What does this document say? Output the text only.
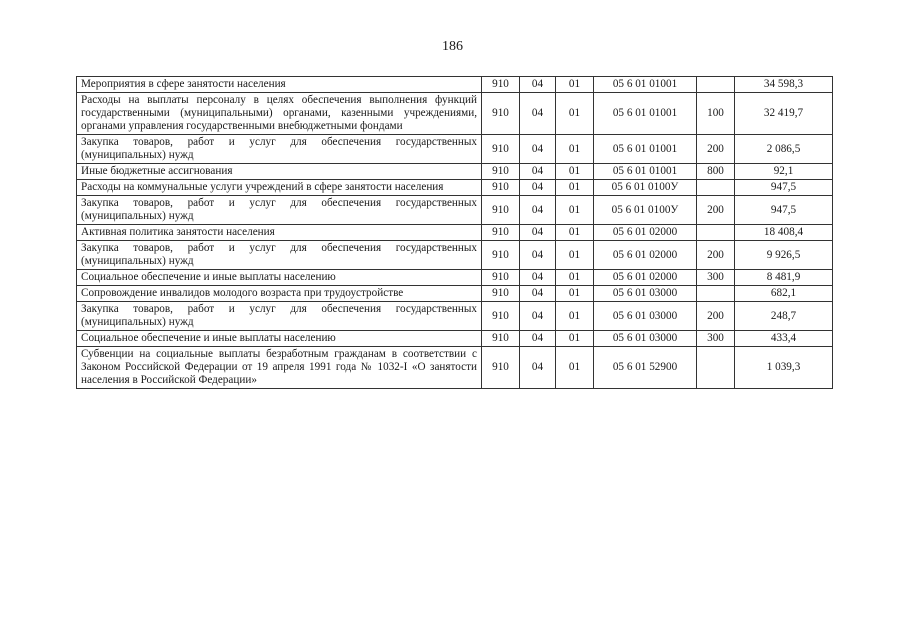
186
Мероприятия в сфере занятости населения	910	04	01	05 6 01 01001		34 598,3
Расходы на выплаты персоналу в целях обеспечения выполнения функций государственными (муниципальными) органами, казенными учреждениями, органами управления государственными внебюджетными фондами	910	04	01	05 6 01 01001	100	32 419,7
Закупка товаров, работ и услуг для обеспечения государственных (муниципальных) нужд	910	04	01	05 6 01 01001	200	2 086,5
Иные бюджетные ассигнования	910	04	01	05 6 01 01001	800	92,1
Расходы на коммунальные услуги учреждений в сфере занятости населения	910	04	01	05 6 01 0100У		947,5
Закупка товаров, работ и услуг для обеспечения государственных (муниципальных) нужд	910	04	01	05 6 01 0100У	200	947,5
Активная политика занятости населения	910	04	01	05 6 01 02000		18 408,4
Закупка товаров, работ и услуг для обеспечения государственных (муниципальных) нужд	910	04	01	05 6 01 02000	200	9 926,5
Социальное обеспечение и иные выплаты населению	910	04	01	05 6 01 02000	300	8 481,9
Сопровождение инвалидов молодого возраста при трудоустройстве	910	04	01	05 6 01 03000		682,1
Закупка товаров, работ и услуг для обеспечения государственных (муниципальных) нужд	910	04	01	05 6 01 03000	200	248,7
Социальное обеспечение и иные выплаты населению	910	04	01	05 6 01 03000	300	433,4
Субвенции на социальные выплаты безработным гражданам в соответствии с Законом Российской Федерации от 19 апреля 1991 года № 1032-I «О занятости населения в Российской Федерации»	910	04	01	05 6 01 52900		1 039,3
